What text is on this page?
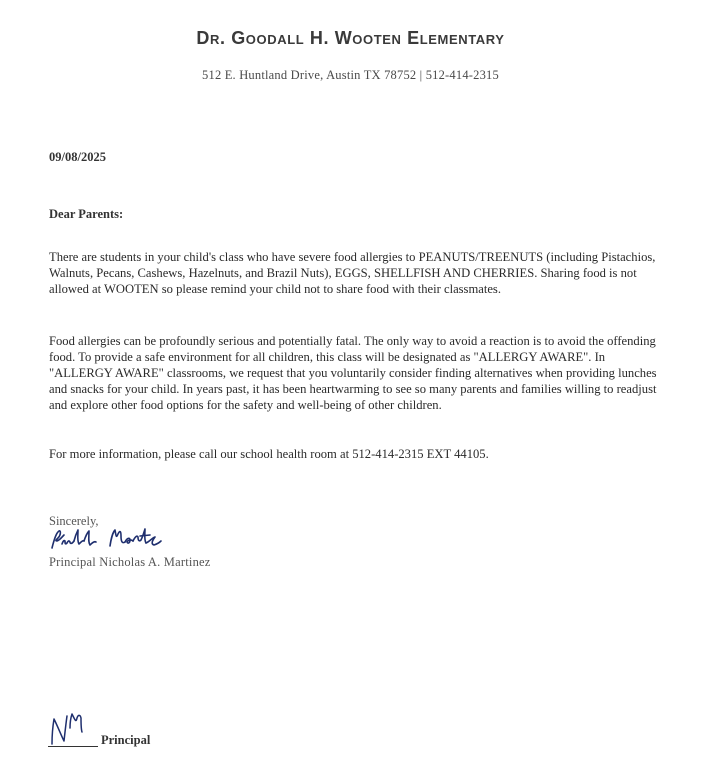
Dr. Goodall H. Wooten Elementary
512 E. Huntland Drive, Austin TX 78752 | 512-414-2315
09/08/2025
Dear Parents:

There are students in your child's class who have severe food allergies to PEANUTS/TREENUTS (including Pistachios, Walnuts, Pecans, Cashews, Hazelnuts, and Brazil Nuts), EGGS, SHELLFISH AND CHERRIES. Sharing food is not allowed at WOOTEN so please remind your child not to share food with their classmates.

Food allergies can be profoundly serious and potentially fatal. The only way to avoid a reaction is to avoid the offending food. To provide a safe environment for all children, this class will be designated as "ALLERGY AWARE". In "ALLERGY AWARE" classrooms, we request that you voluntarily consider finding alternatives when providing lunches and snacks for your child. In years past, it has been heartwarming to see so many parents and families willing to readjust and explore other food options for the safety and well-being of other children.

For more information, please call our school health room at 512-414-2315 EXT 44105.

Sincerely,
Principal Nicholas A. Martinez
Principal
